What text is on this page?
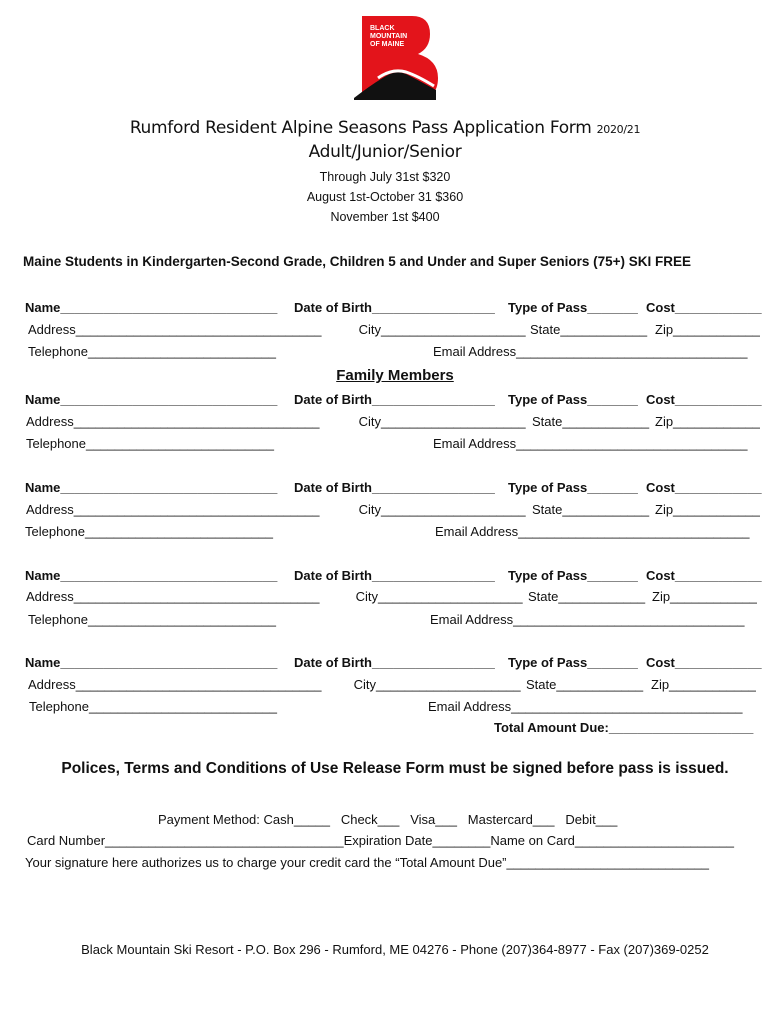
BLACK
MOUNTAIN
OF MAINE
Rumford Resident Alpine Seasons Pass Application Form 2020/21
Adult/Junior/Senior
Through July 31st $320
August 1st-October 31 $360
November 1st $400
Maine Students in Kindergarten-Second Grade, Children 5 and Under and Super Seniors (75+) SKI FREE
Name______________________________ Date of Birth_________________ Type of Pass_______ Cost____________
Address__________________________________	City____________________ State____________ Zip____________
Telephone__________________________	Email Address________________________________
Family Members
Name______________________________ Date of Birth_________________ Type of Pass_______ Cost____________
Address__________________________________	City____________________ State____________ Zip____________
Telephone__________________________	Email Address________________________________
Name______________________________ Date of Birth_________________ Type of Pass_______ Cost____________
Address__________________________________	City____________________ State____________ Zip____________
Telephone__________________________	Email Address________________________________
Name______________________________ Date of Birth_________________ Type of Pass_______ Cost____________
Address__________________________________ City____________________ State____________ Zip____________
Telephone__________________________	Email Address________________________________
Name______________________________ Date of Birth_________________ Type of Pass_______ Cost____________
Address__________________________________ City____________________ State____________ Zip____________
Telephone__________________________	Email Address________________________________
Total Amount Due:____________________
Polices, Terms and Conditions of Use Release Form must be signed before pass is issued.
Payment Method: Cash_____   Check___   Visa___   Mastercard___   Debit___
Card Number_________________________________Expiration Date________Name on Card______________________
Your signature here authorizes us to charge your credit card the “Total Amount Due”____________________________
Black Mountain Ski Resort - P.O. Box 296 - Rumford, ME 04276 - Phone (207)364-8977 - Fax (207)369-0252
